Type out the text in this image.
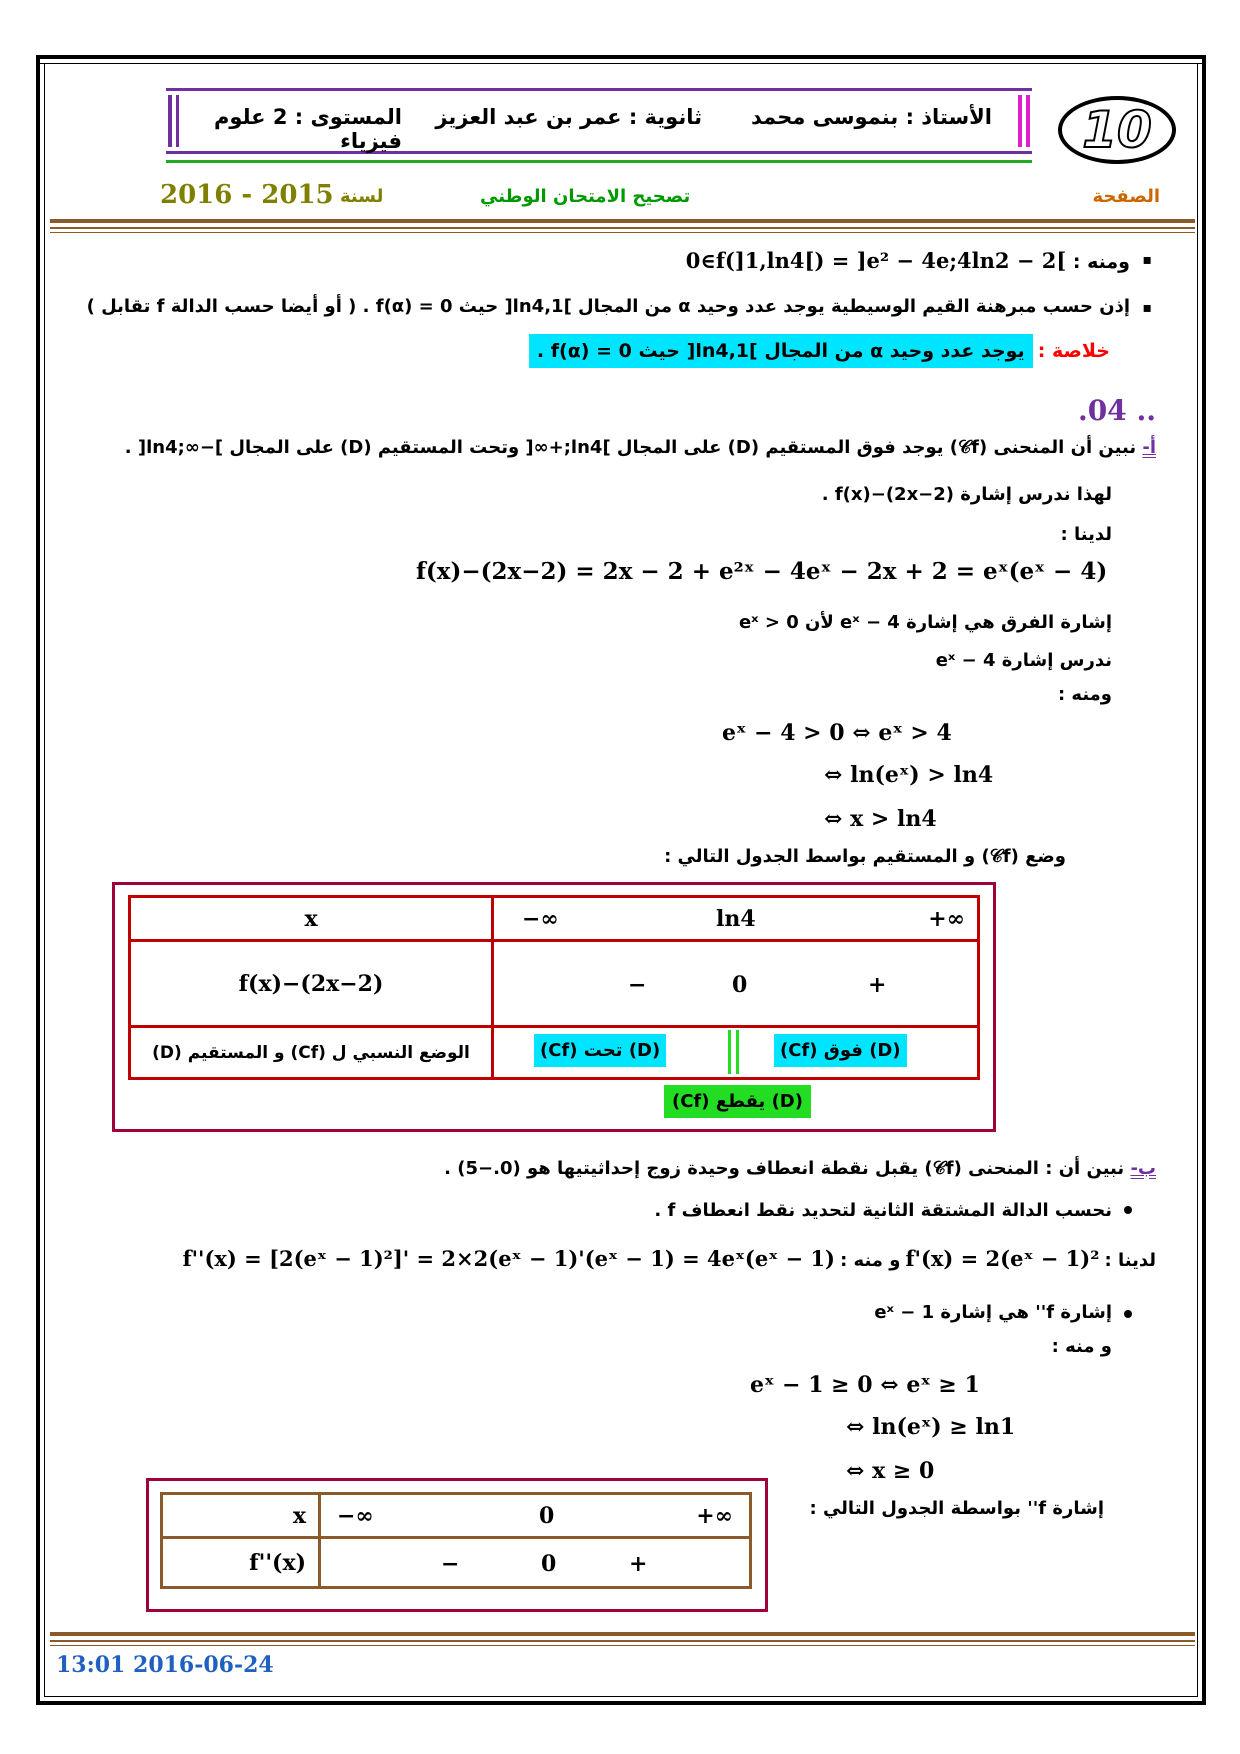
10
الأستاذ : بنموسى محمد
ثانوية : عمر بن عبد العزيز
المستوى : 2 علوم فيزياء
الصفحة
تصحيح الامتحان الوطني
لسنة
2016 - 2015
▪ ومنه : 0∈f(]1,ln4[) = ]e² − 4e;4ln2 − 2[
▪ إذن حسب مبرهنة القيم الوسيطية يوجد عدد وحيد α من المجال ]1,ln4[ حيث f(α) = 0 . ( أو أيضا حسب الدالة f تقابل )
خلاصة : يوجد عدد وحيد α من المجال ]1,ln4[ حيث f(α) = 0 .
.04 ..
أ- نبين أن المنحنى (𝒞f) يوجد فوق المستقيم (D) على المجال ]ln4;+∞[ وتحت المستقيم (D) على المجال ]−∞;ln4[ .
لهذا ندرس إشارة f(x)−(2x−2) .
لدينا :
f(x)−(2x−2) = 2x − 2 + e²ˣ − 4eˣ − 2x + 2 = eˣ(eˣ − 4)
إشارة الفرق هي إشارة eˣ − 4 لأن eˣ > 0
ندرس إشارة eˣ − 4
ومنه :
eˣ − 4 > 0 ⇔ eˣ > 4
⇔ ln(eˣ) > ln4
⇔ x > ln4
وضع (𝒞f) و المستقيم بواسط الجدول التالي :
x	−∞ ln4 +∞

f(x)−(2x−2)	− 0 +

الوضع النسبي ل (Cf) و المستقيم (D)	(Cf) تحت (D) (Cf) فوق (D)
(Cf) يقطع (D)
ب- نبين أن : المنحنى (𝒞f) يقبل نقطة انعطاف وحيدة زوج إحداثيتيها هو (0.−5) .
نحسب الدالة المشتقة الثانية لتحديد نقط انعطاف f .
لدينا : f'(x) = 2(eˣ − 1)² و منه : f''(x) = [2(eˣ − 1)²]' = 2×2(eˣ − 1)'(eˣ − 1) = 4eˣ(eˣ − 1)
إشارة f'' هي إشارة eˣ − 1
و منه :
eˣ − 1 ≥ 0 ⇔ eˣ ≥ 1
⇔ ln(eˣ) ≥ ln1
⇔ x ≥ 0
إشارة f'' بواسطة الجدول التالي :
x	−∞ 0 +∞

f''(x)	− 0 +
13:01 2016-06-24
